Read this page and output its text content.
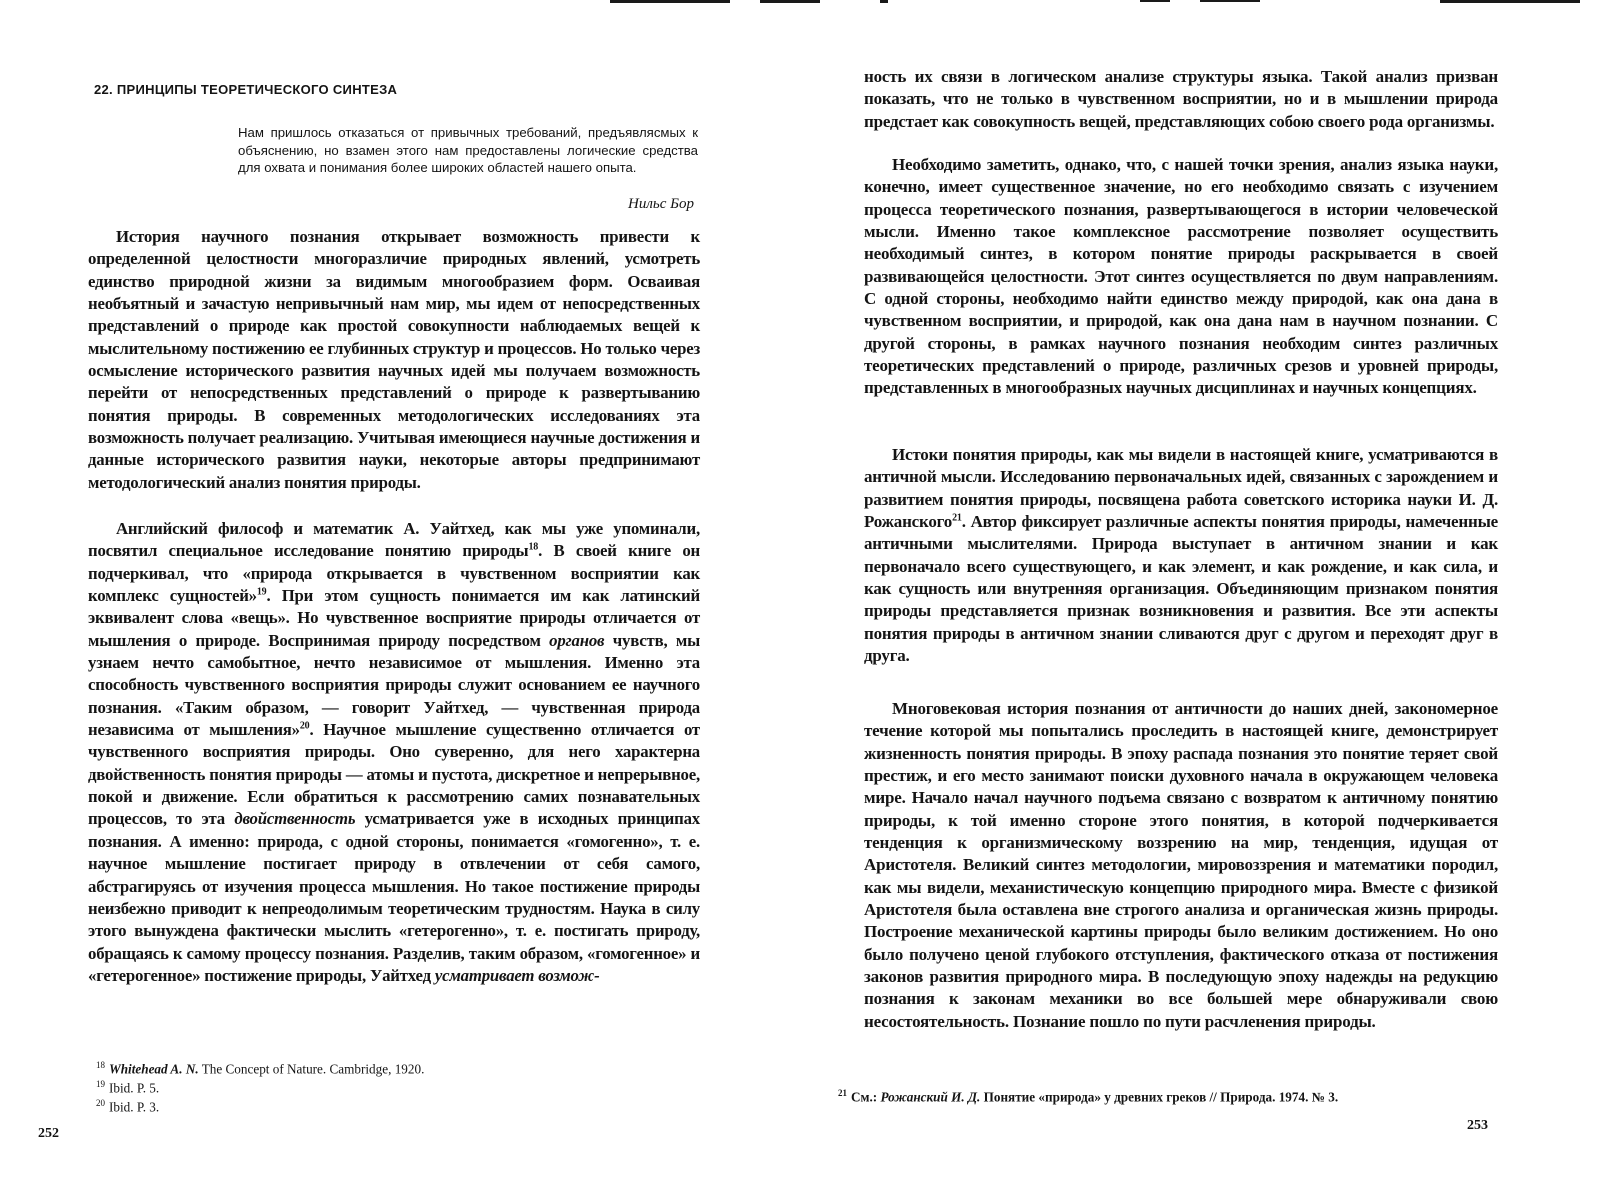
22. ПРИНЦИПЫ ТЕОРЕТИЧЕСКОГО СИНТЕЗА

Нам пришлось отказаться от привычных требований, предъявлясмых к объяснению, но взамен этого нам предоставлены логические средства для охвата и понимания более широких областей нашего опыта.

Нильс Бор

История научного познания открывает возможность привести к определенной целостности многоразличие природных явлений, усмотреть единство природной жизни за видимым многообразием форм. Осваивая необъятный и зачастую непривычный нам мир, мы идем от непосредственных представлений о природе как простой совокупности наблюдаемых вещей к мыслительному постижению ее глубинных структур и процессов. Но только через осмысление исторического развития научных идей мы получаем возможность перейти от непосредственных представлений о природе к развертыванию понятия природы. В современных методологических исследованиях эта возможность получает реализацию. Учитывая имеющиеся научные достижения и данные исторического развития науки, некоторые авторы предпринимают методологический анализ понятия природы.

Английский философ и математик А. Уайтхед, как мы уже упоминали, посвятил специальное исследование понятию природы$^{18}$. В своей книге он подчеркивал, что «природа открывается в чувственном восприятии как комплекс сущностей»$^{19}$. При этом сущность понимается им как латинский эквивалент слова «вещь». Но чувственное восприятие природы отличается от мышления о природе. Воспринимая природу посредством органов чувств, мы узнаем нечто самобытное, нечто независимое от мышления. Именно эта способность чувственного восприятия природы служит основанием ее научного познания. «Таким образом, — говорит Уайтхед, — чувственная природа независима от мышления»$^{20}$. Научное мышление существенно отличается от чувственного восприятия природы. Оно суверенно, для него характерна двойственность понятия природы — атомы и пустота, дискретное и непрерывное, покой и движение. Если обратиться к рассмотрению самих познавательных процессов, то эта двойственность усматривается уже в исходных принципах познания. А именно: природа, с одной стороны, понимается «гомогенно», т. е. научное мышление постигает природу в отвлечении от себя самого, абстрагируясь от изучения процесса мышления. Но такое постижение природы неизбежно приводит к непреодолимым теоретическим трудностям. Наука в силу этого вынуждена фактически мыслить «гетерогенно», т. е. постигать природу, обращаясь к самому процессу познания. Разделив, таким образом, «гомогенное» и «гетерогенное» постижение природы, Уайтхед усматривает возмож-

$^{18}$ Whitehead A. N. The Concept of Nature. Cambridge, 1920.
$^{19}$ Ibid. P. 5.
$^{20}$ Ibid. P. 3.

252

ность их связи в логическом анализе структуры языка. Такой анализ призван показать, что не только в чувственном восприятии, но и в мышлении природа предстает как совокупность вещей, представляющих собою своего рода организмы.

Необходимо заметить, однако, что, с нашей точки зрения, анализ языка науки, конечно, имеет существенное значение, но его необходимо связать с изучением процесса теоретического познания, развертывающегося в истории человеческой мысли. Именно такое комплексное рассмотрение позволяет осуществить необходимый синтез, в котором понятие природы раскрывается в своей развивающейся целостности. Этот синтез осуществляется по двум направлениям. С одной стороны, необходимо найти единство между природой, как она дана в чувственном восприятии, и природой, как она дана нам в научном познании. С другой стороны, в рамках научного познания необходим синтез различных теоретических представлений о природе, различных срезов и уровней природы, представленных в многообразных научных дисциплинах и научных концепциях.

Истоки понятия природы, как мы видели в настоящей книге, усматриваются в античной мысли. Исследованию первоначальных идей, связанных с зарождением и развитием понятия природы, посвящена работа советского историка науки И. Д. Рожанского$^{21}$. Автор фиксирует различные аспекты понятия природы, намеченные античными мыслителями. Природа выступает в античном знании и как первоначало всего существующего, и как элемент, и как рождение, и как сила, и как сущность или внутренняя организация. Объединяющим признаком понятия природы представляется признак возникновения и развития. Все эти аспекты понятия природы в античном знании сливаются друг с другом и переходят друг в друга.

Многовековая история познания от античности до наших дней, закономерное течение которой мы попытались проследить в настоящей книге, демонстрирует жизненность понятия природы. В эпоху распада познания это понятие теряет свой престиж, и его место занимают поиски духовного начала в окружающем человека мире. Начало начал научного подъема связано с возвратом к античному понятию природы, к той именно стороне этого понятия, в которой подчеркивается тенденция к организмическому воззрению на мир, тенденция, идущая от Аристотеля. Великий синтез методологии, мировоззрения и математики породил, как мы видели, механистическую концепцию природного мира. Вместе с физикой Аристотеля была оставлена вне строгого анализа и органическая жизнь природы. Построение механической картины природы было великим достижением. Но оно было получено ценой глубокого отступления, фактического отказа от постижения законов развития природного мира. В последующую эпоху надежды на редукцию познания к законам механики во все большей мере обнаруживали свою несостоятельность. Познание пошло по пути расчленения природы.

$^{21}$ См.: Рожанский И. Д. Понятие «природа» у древних греков // Природа. 1974. № 3.

253
